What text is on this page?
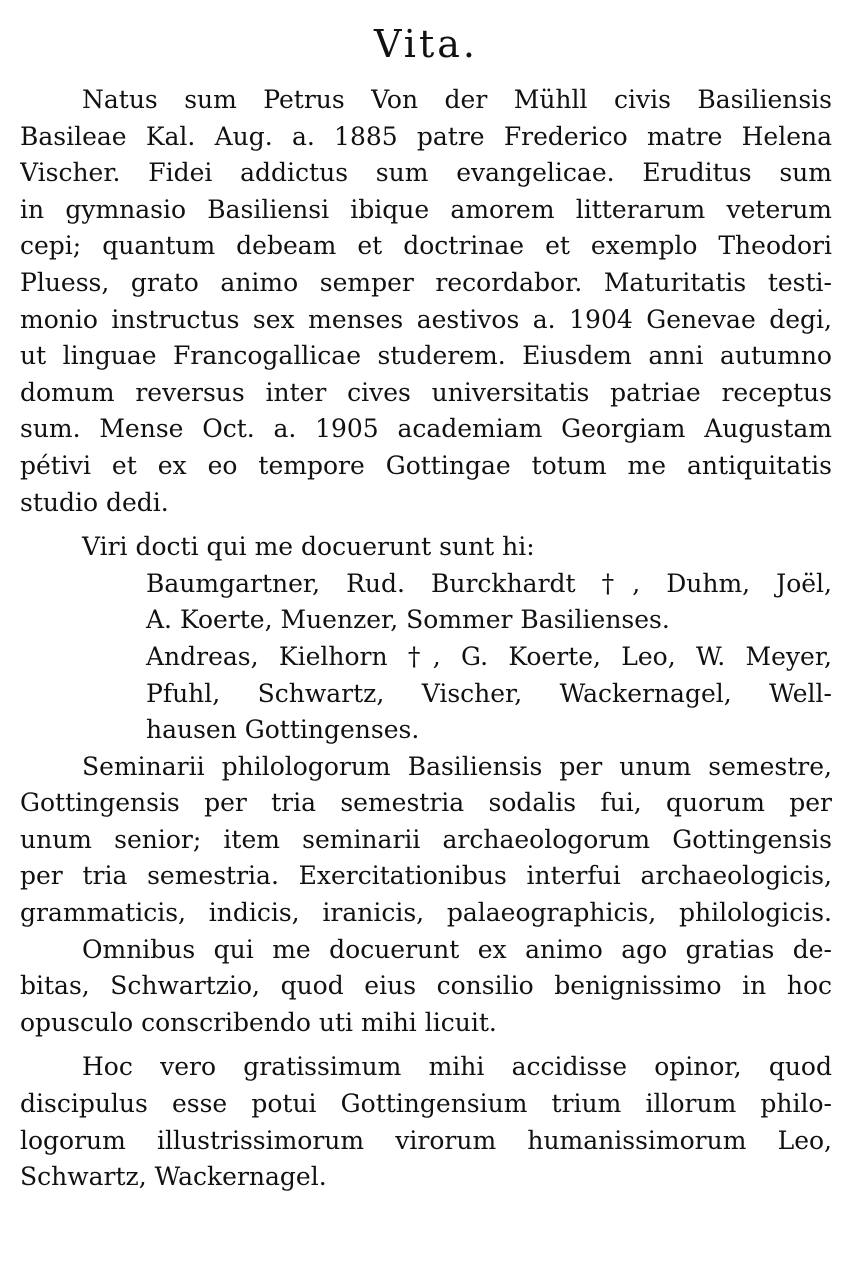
Vita.
Natus sum Petrus Von der Mühll civis Basiliensis
Basileae Kal. Aug. a. 1885 patre Frederico matre Helena
Vischer. Fidei addictus sum evangelicae. Eruditus sum
in gymnasio Basiliensi ibique amorem litterarum veterum
cepi; quantum debeam et doctrinae et exemplo Theodori
Pluess, grato animo semper recordabor. Maturitatis testi-
monio instructus sex menses aestivos a. 1904 Genevae degi,
ut linguae Francogallicae studerem. Eiusdem anni autumno
domum reversus inter cives universitatis patriae receptus
sum. Mense Oct. a. 1905 academiam Georgiam Augustam
pétivi et ex eo tempore Gottingae totum me antiquitatis
studio dedi.
Viri docti qui me docuerunt sunt hi:
Baumgartner, Rud. Burckhardt †, Duhm, Joël,
A. Koerte, Muenzer, Sommer Basilienses.
Andreas, Kielhorn †, G. Koerte, Leo, W. Meyer,
Pfuhl, Schwartz, Vischer, Wackernagel, Well-
hausen Gottingenses.
Seminarii philologorum Basiliensis per unum semestre,
Gottingensis per tria semestria sodalis fui, quorum per
unum senior; item seminarii archaeologorum Gottingensis
per tria semestria. Exercitationibus interfui archaeologicis,
grammaticis, indicis, iranicis, palaeographicis, philologicis.
Omnibus qui me docuerunt ex animo ago gratias de-
bitas, Schwartzio, quod eius consilio benignissimo in hoc
opusculo conscribendo uti mihi licuit.
Hoc vero gratissimum mihi accidisse opinor, quod
discipulus esse potui Gottingensium trium illorum philo-
logorum illustrissimorum virorum humanissimorum Leo,
Schwartz, Wackernagel.
